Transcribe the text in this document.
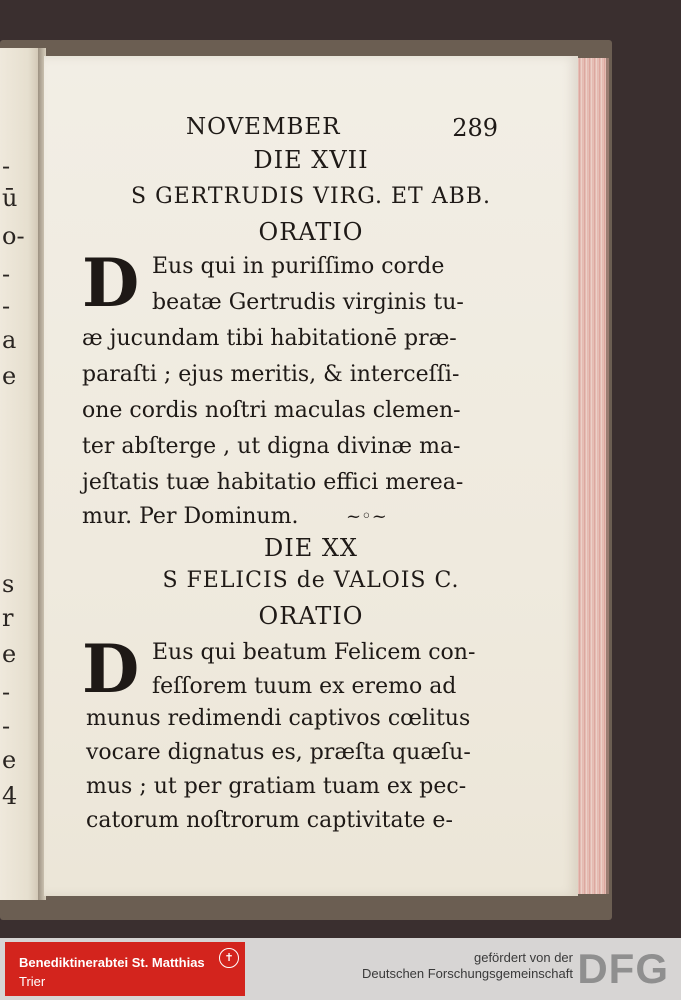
-
ū
o-
-
-
a
e
s
r
e
-
-
e
4
NOVEMBER	289
DIE XVII
S GERTRUDIS VIRG. ET ABB.
ORATIO
D Eus qui in puriſſimo corde
beatæ Gertrudis virginis tu-
æ jucundam tibi habitationē præ-
paraſti ; ejus meritis, & interceſſi-
one cordis noſtri maculas clemen-
ter abſterge , ut digna divinæ ma-
jeſtatis tuæ habitatio effici merea-
mur. Per Dominum.	~◦~
DIE XX
S FELICIS de VALOIS C.
ORATIO
D Eus qui beatum Felicem con-
feſſorem tuum ex eremo ad
munus redimendi captivos cœlitus
vocare dignatus es, præſta quæſu-
mus ; ut per gratiam tuam ex pec-
catorum noſtrorum captivitate e-
Benediktinerabtei St. Matthias
Trier
✝	gefördert von der
Deutschen Forschungsgemeinschaft DFG
